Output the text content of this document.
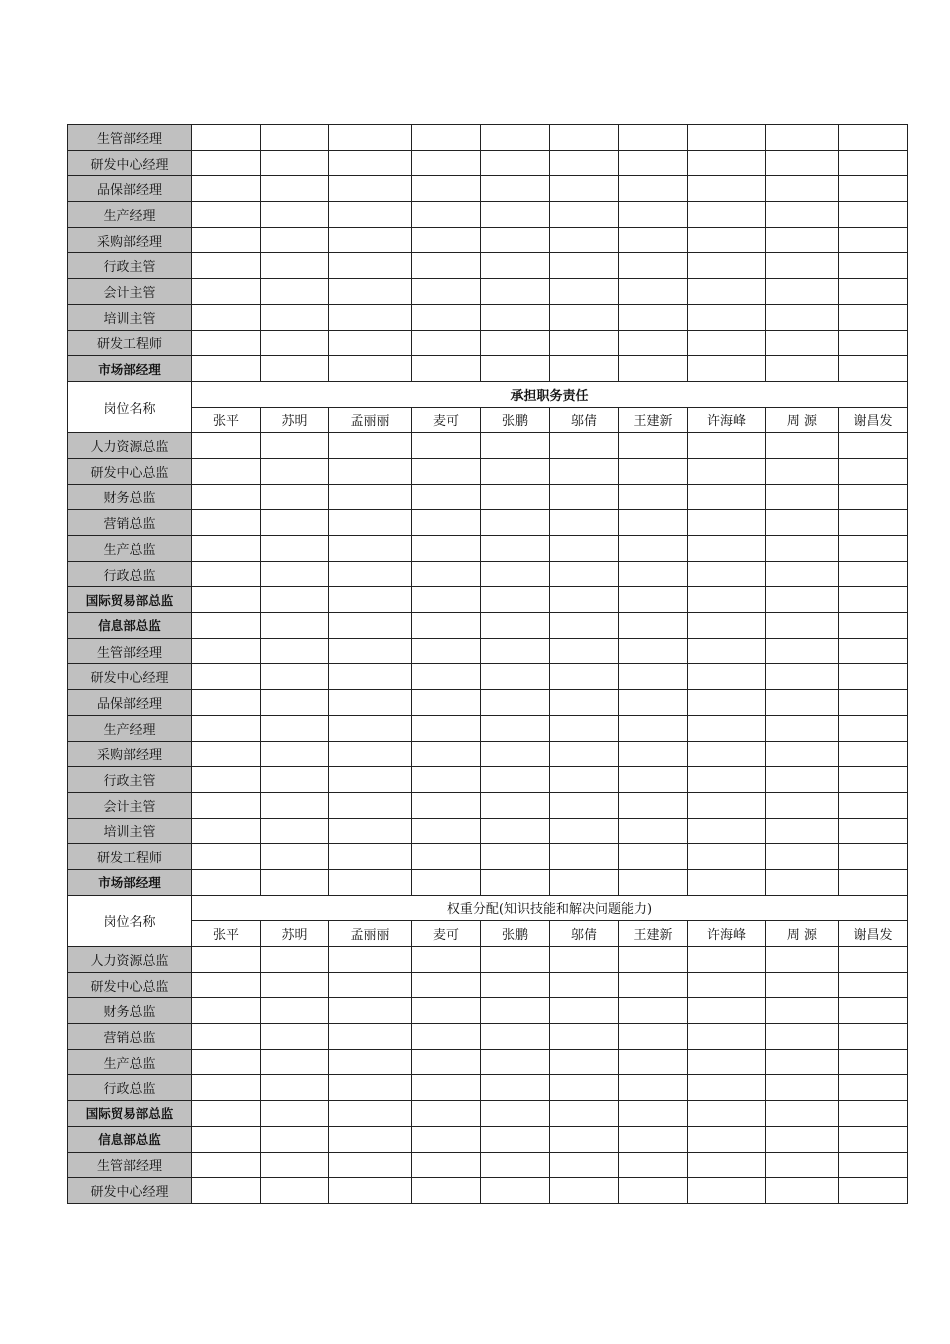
生管部经理										
研发中心经理										
品保部经理										
生产经理										
采购部经理										
行政主管										
会计主管										
培训主管										
研发工程师										
市场部经理										
岗位名称	承担职务责任									
	张平	苏明	孟丽丽	麦可	张鹏	邬倩	王建新	许海峰	周 源	谢昌发
人力资源总监										
研发中心总监										
财务总监										
营销总监										
生产总监										
行政总监										
国际贸易部总监										
信息部总监										
生管部经理										
研发中心经理										
品保部经理										
生产经理										
采购部经理										
行政主管										
会计主管										
培训主管										
研发工程师										
市场部经理										
岗位名称	权重分配(知识技能和解决问题能力)									
	张平	苏明	孟丽丽	麦可	张鹏	邬倩	王建新	许海峰	周 源	谢昌发
人力资源总监										
研发中心总监										
财务总监										
营销总监										
生产总监										
行政总监										
国际贸易部总监										
信息部总监										
生管部经理										
研发中心经理										
